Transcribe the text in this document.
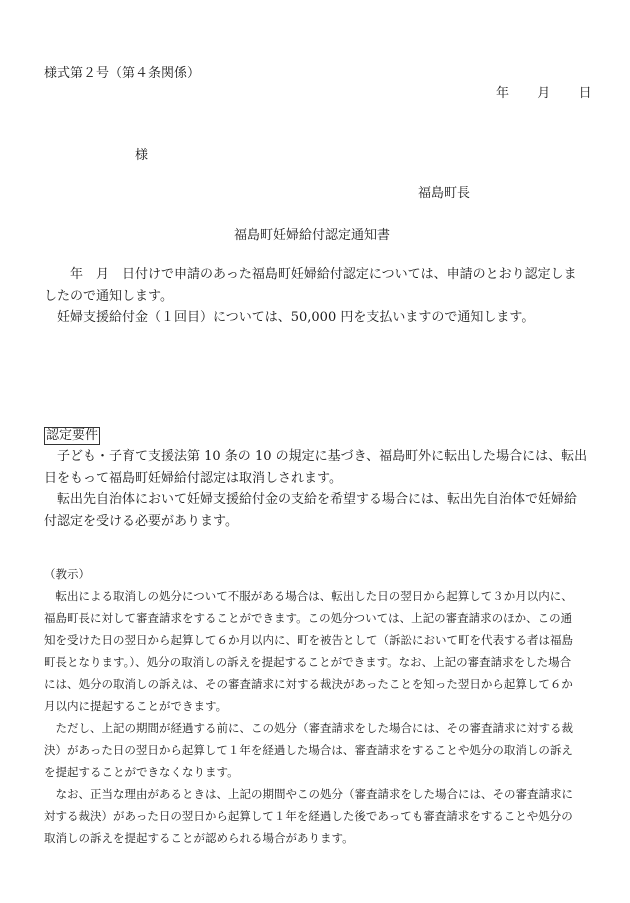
様式第２号（第４条関係）
年 月 日
様
福島町長
福島町妊婦給付認定通知書

年　月　日付けで申請のあった福島町妊婦給付認定については、申請のとおり認定しま

したので通知します。

妊婦支援給付金（１回目）については、50,000 円を支払いますので通知します。

認定要件

子ども・子育て支援法第 10 条の 10 の規定に基づき、福島町外に転出した場合には、転出

日をもって福島町妊婦給付認定は取消しされます。

転出先自治体において妊婦支援給付金の支給を希望する場合には、転出先自治体で妊婦給

付認定を受ける必要があります。

（教示）

転出による取消しの処分について不服がある場合は、転出した日の翌日から起算して３か月以内に、

福島町長に対して審査請求をすることができます。この処分ついては、上記の審査請求のほか、この通

知を受けた日の翌日から起算して６か月以内に、町を被告として（訴訟において町を代表する者は福島

町長となります。）、処分の取消しの訴えを提起することができます。なお、上記の審査請求をした場合

には、処分の取消しの訴えは、その審査請求に対する裁決があったことを知った翌日から起算して６か

月以内に提起することができます。

ただし、上記の期間が経過する前に、この処分（審査請求をした場合には、その審査請求に対する裁

決）があった日の翌日から起算して１年を経過した場合は、審査請求をすることや処分の取消しの訴え

を提起することができなくなります。

なお、正当な理由があるときは、上記の期間やこの処分（審査請求をした場合には、その審査請求に

対する裁決）があった日の翌日から起算して１年を経過した後であっても審査請求をすることや処分の

取消しの訴えを提起することが認められる場合があります。
